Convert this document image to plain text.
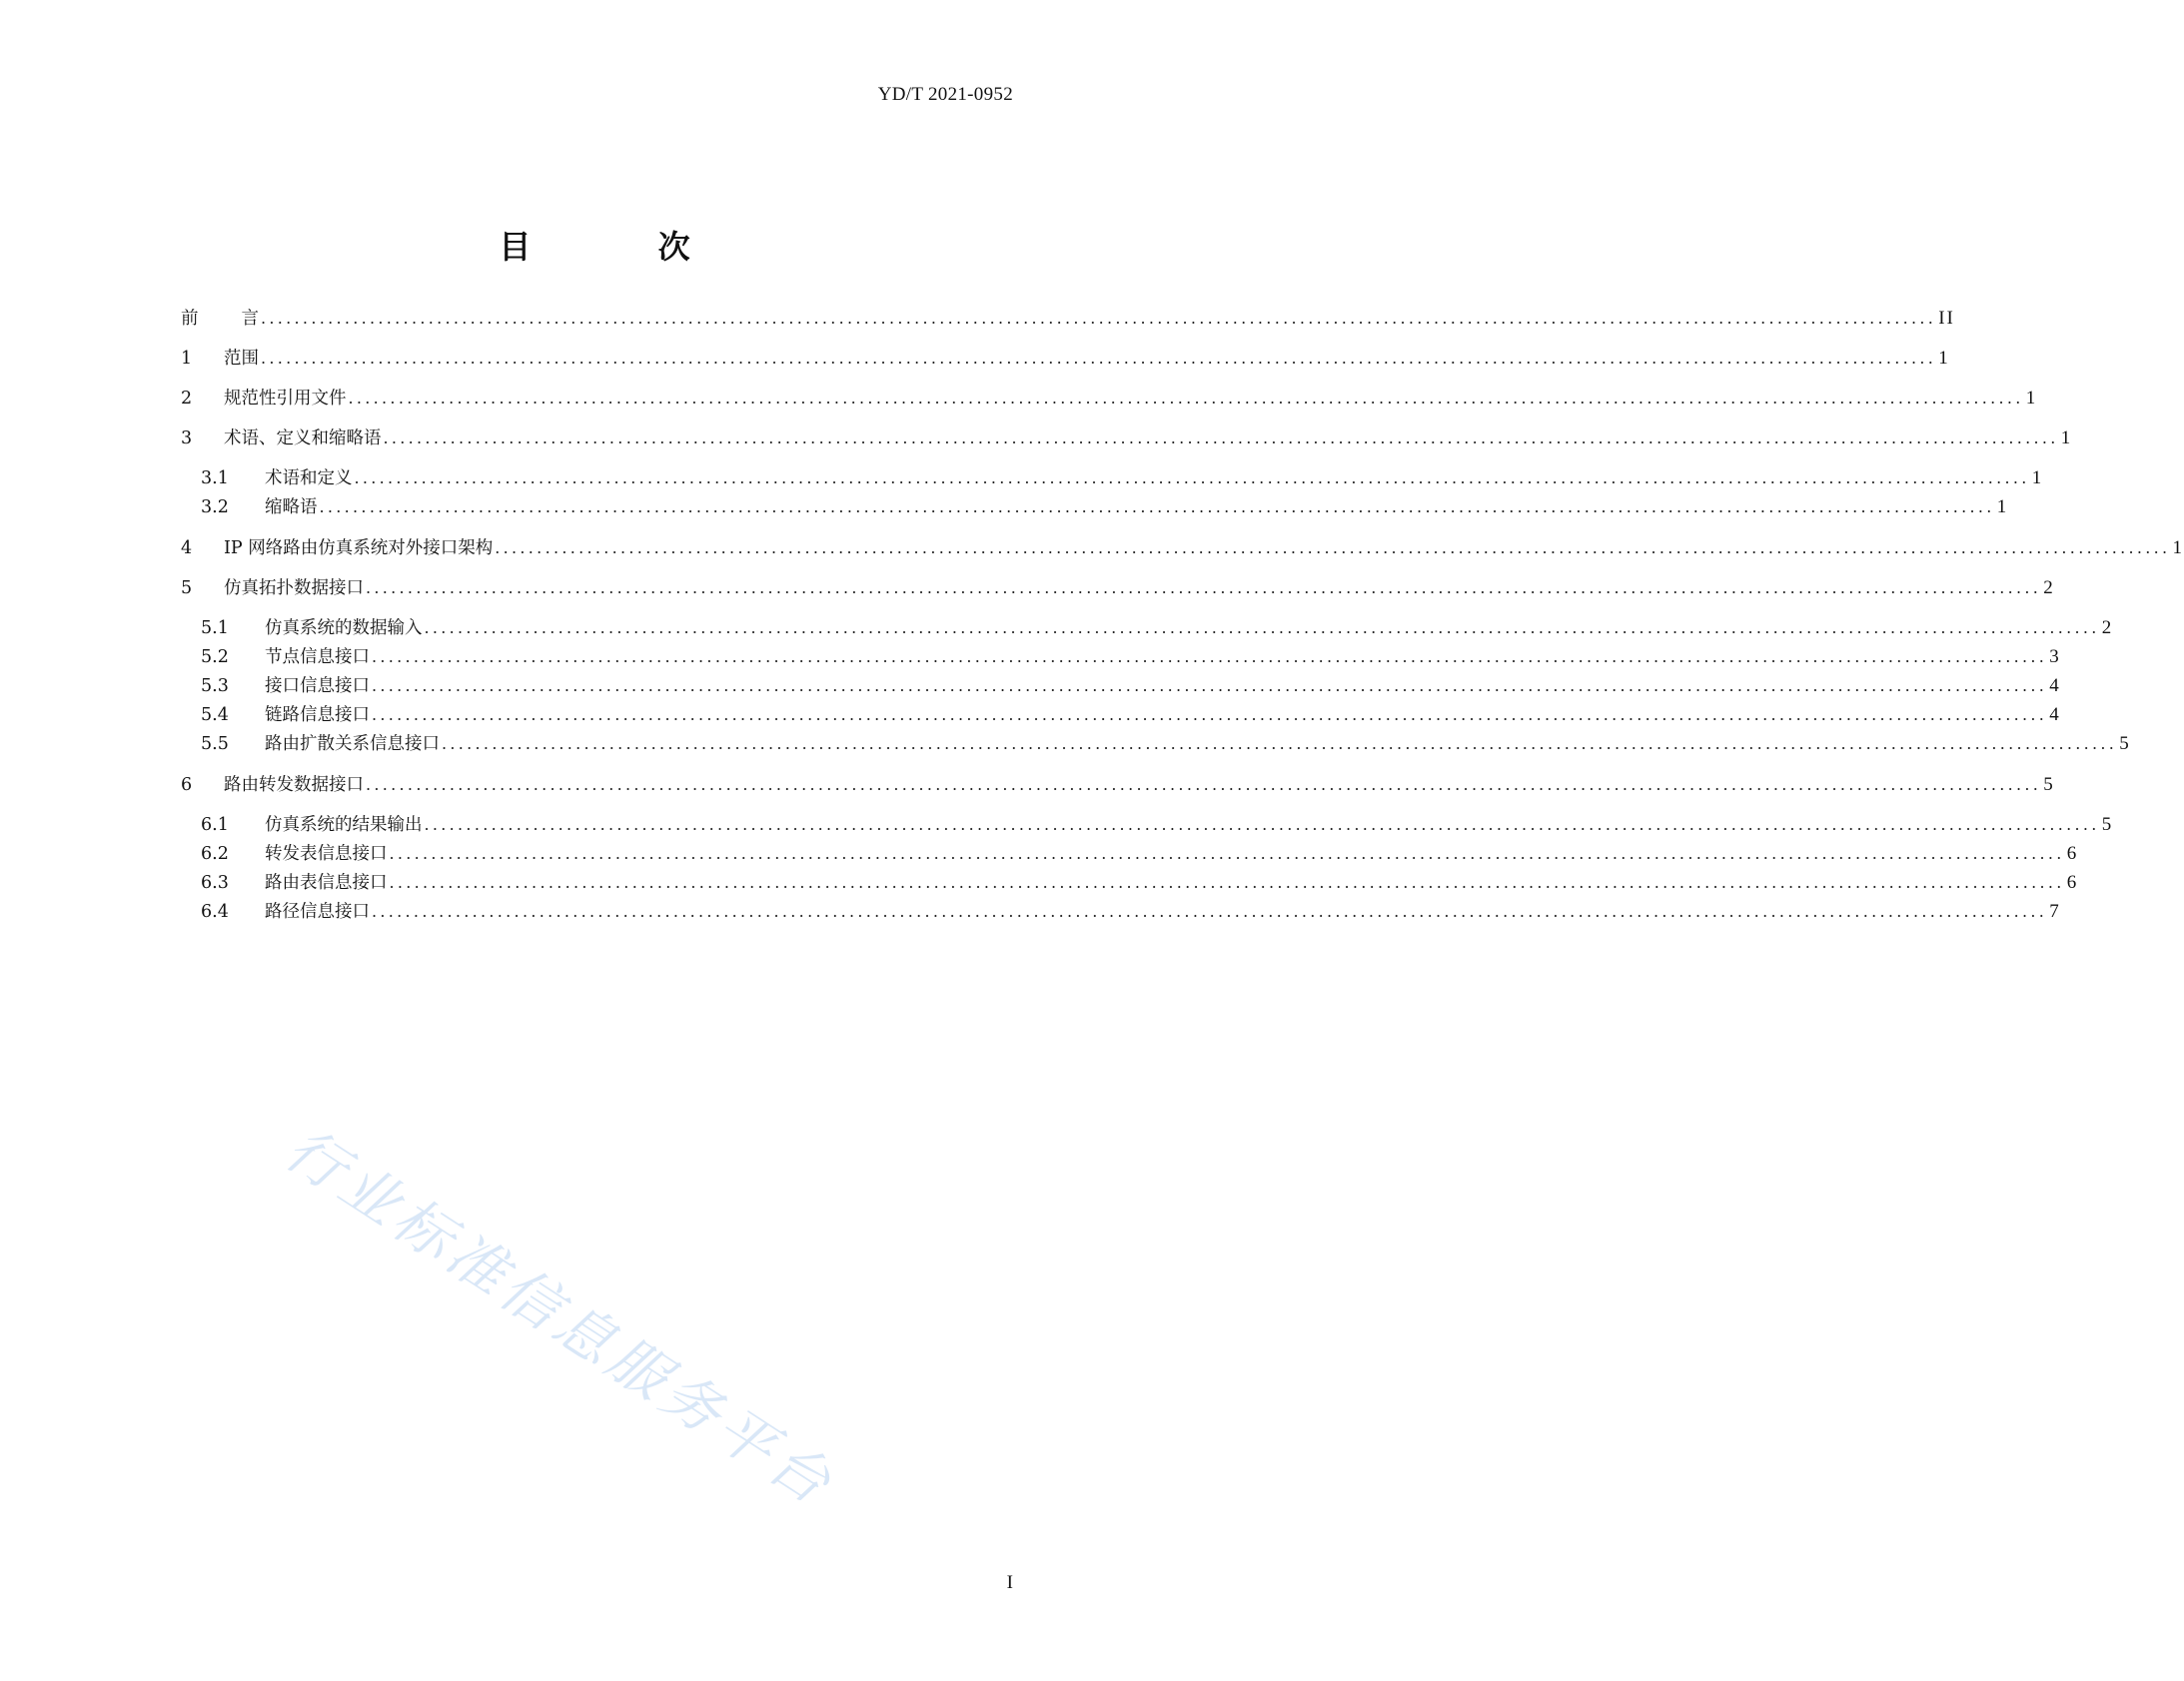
YD/T 2021-0952
目 次
前 言 ........................................................................................................................................................................................................ II
1	范围 ........................................................................................................................................................................................................ 1
2	规范性引用文件 ........................................................................................................................................................................................................ 1
3	术语、定义和缩略语 ........................................................................................................................................................................................................ 1
3.1	术语和定义 ........................................................................................................................................................................................................ 1
3.2	缩略语 ........................................................................................................................................................................................................ 1
4	IP 网络路由仿真系统对外接口架构 ........................................................................................................................................................................................................ 1
5	仿真拓扑数据接口 ........................................................................................................................................................................................................ 2
5.1	仿真系统的数据输入 ........................................................................................................................................................................................................ 2
5.2	节点信息接口 ........................................................................................................................................................................................................ 3
5.3	接口信息接口 ........................................................................................................................................................................................................ 4
5.4	链路信息接口 ........................................................................................................................................................................................................ 4
5.5	路由扩散关系信息接口 ........................................................................................................................................................................................................ 5
6	路由转发数据接口 ........................................................................................................................................................................................................ 5
6.1	仿真系统的结果输出 ........................................................................................................................................................................................................ 5
6.2	转发表信息接口 ........................................................................................................................................................................................................ 6
6.3	路由表信息接口 ........................................................................................................................................................................................................ 6
6.4	路径信息接口 ........................................................................................................................................................................................................ 7
行业标准信息服务平台
I
